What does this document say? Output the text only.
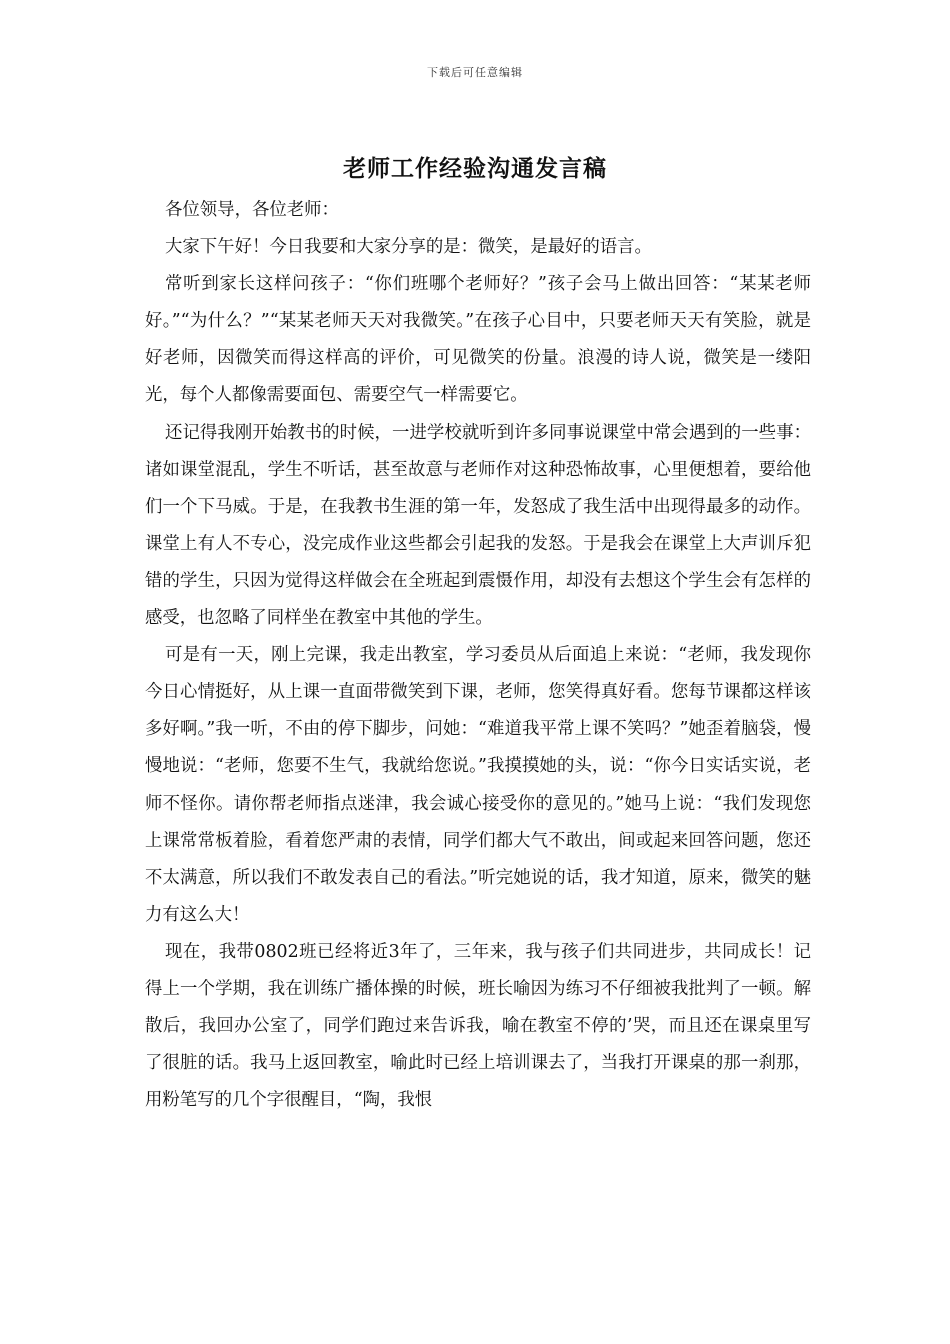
下载后可任意编辑
老师工作经验沟通发言稿

各位领导，各位老师：

大家下午好！今日我要和大家分享的是：微笑，是最好的语言。

常听到家长这样问孩子：“你们班哪个老师好？”孩子会马上做出回答：“某某老师好。”“为什么？”“某某老师天天对我微笑。”在孩子心目中，只要老师天天有笑脸，就是好老师，因微笑而得这样高的评价，可见微笑的份量。浪漫的诗人说，微笑是一缕阳光，每个人都像需要面包、需要空气一样需要它。

还记得我刚开始教书的时候，一进学校就听到许多同事说课堂中常会遇到的一些事：诸如课堂混乱，学生不听话，甚至故意与老师作对这种恐怖故事，心里便想着，要给他们一个下马威。于是，在我教书生涯的第一年，发怒成了我生活中出现得最多的动作。课堂上有人不专心，没完成作业这些都会引起我的发怒。于是我会在课堂上大声训斥犯错的学生，只因为觉得这样做会在全班起到震慑作用，却没有去想这个学生会有怎样的感受，也忽略了同样坐在教室中其他的学生。

可是有一天，刚上完课，我走出教室，学习委员从后面追上来说：“老师，我发现你今日心情挺好，从上课一直面带微笑到下课，老师，您笑得真好看。您每节课都这样该多好啊。”我一听，不由的停下脚步，问她：“难道我平常上课不笑吗？”她歪着脑袋，慢慢地说：“老师，您要不生气，我就给您说。”我摸摸她的头，说：“你今日实话实说，老师不怪你。请你帮老师指点迷津，我会诚心接受你的意见的。”她马上说：“我们发现您上课常常板着脸，看着您严肃的表情，同学们都大气不敢出，间或起来回答问题，您还不太满意，所以我们不敢发表自己的看法。”听完她说的话，我才知道，原来，微笑的魅力有这么大！

现在，我带0802班已经将近3年了，三年来，我与孩子们共同进步，共同成长！记得上一个学期，我在训练广播体操的时候，班长喻因为练习不仔细被我批判了一顿。解散后，我回办公室了，同学们跑过来告诉我，喻在教室不停的’哭，而且还在课桌里写了很脏的话。我马上返回教室，喻此时已经上培训课去了，当我打开课桌的那一刹那，用粉笔写的几个字很醒目，“陶，我恨
